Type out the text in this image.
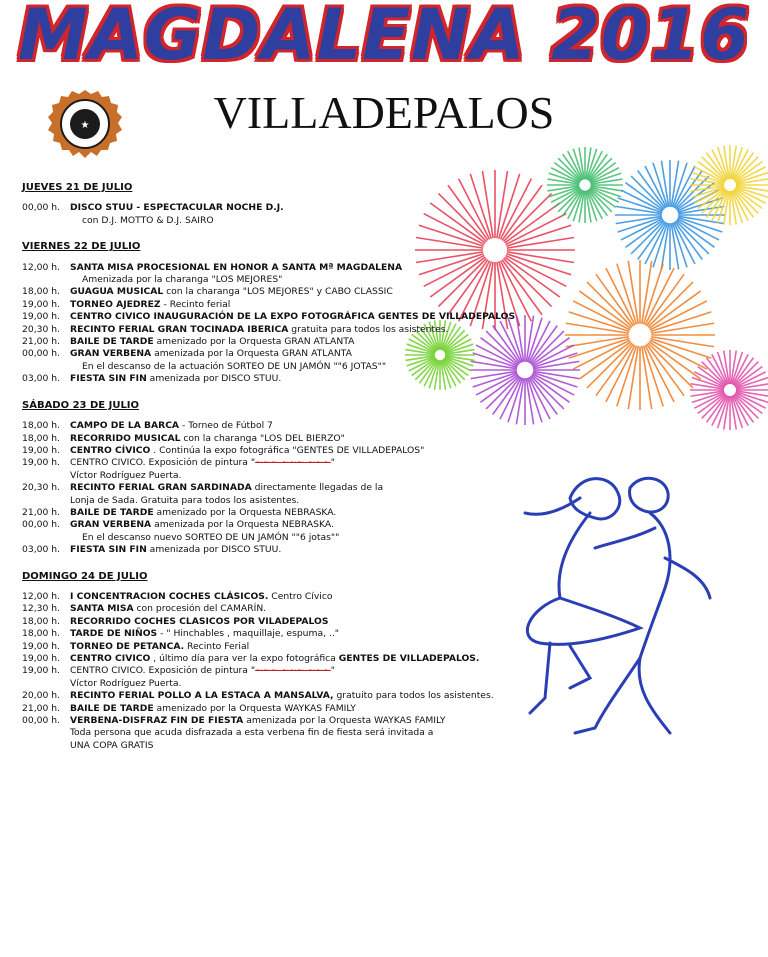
MAGDALENA 2016
VILLADEPALOS
★
JUEVES 21 DE JULIO
00,00 h.	DISCO STUU - ESPECTACULAR NOCHE D.J.
con D.J. MOTTO & D.J. SAIRO
VIERNES 22 DE JULIO
12,00 h.	SANTA MISA PROCESIONAL EN HONOR A SANTA Mª MAGDALENA
Amenizada por la charanga "LOS MEJORES"
18,00 h.	GUAGUA MUSICAL con la charanga "LOS MEJORES" y CABO CLASSIC
19,00 h.	TORNEO AJEDREZ - Recinto ferial
19,00 h.	CENTRO CIVICO INAUGURACIÓN DE LA EXPO FOTOGRÁFICA GENTES DE VILLADEPALOS
20,30 h.	RECINTO FERIAL GRAN TOCINADA IBERICA gratuita para todos los asistentes.
21,00 h.	BAILE DE TARDE amenizado por la Orquesta GRAN ATLANTA
00,00 h.	GRAN VERBENA amenizada por la Orquesta GRAN ATLANTA
En el descanso de la actuación SORTEO DE UN JAMÓN ""6 JOTAS""
03,00 h.	FIESTA SIN FIN amenizada por DISCO STUU.
SÁBADO 23 DE JULIO
18,00 h.	CAMPO DE LA BARCA - Torneo de Fútbol 7
18,00 h.	RECORRIDO MUSICAL con la charanga "LOS DEL BIERZO"
19,00 h.	CENTRO CÍVICO . Continúa la expo fotográfica "GENTES DE VILLADEPALOS"
19,00 h.	CENTRO CIVICO. Exposición de pintura "~~~ ~~~ ~~~"
Víctor Rodríguez Puerta.
20,30 h.	RECINTO FERIAL GRAN SARDINADA directamente llegadas de la
Lonja de Sada. Gratuita para todos los asistentes.
21,00 h.	BAILE DE TARDE amenizado por la Orquesta NEBRASKA.
00,00 h.	GRAN VERBENA amenizada por la Orquesta NEBRASKA.
En el descanso nuevo SORTEO DE UN JAMÓN ""6 jotas""
03,00 h.	FIESTA SIN FIN amenizada por DISCO STUU.
DOMINGO 24 DE JULIO
12,00 h.	I CONCENTRACION COCHES CLÁSICOS. Centro Cívico
12,30 h.	SANTA MISA con procesión del CAMARÍN.
18,00 h.	RECORRIDO COCHES CLASICOS POR VILADEPALOS
18,00 h.	TARDE DE NIÑOS - " Hinchables , maquillaje, espuma, .."
19,00 h.	TORNEO DE PETANCA. Recinto Ferial
19,00 h.	CENTRO CIVICO , último día para ver la expo fotográfica GENTES DE VILLADEPALOS.
19,00 h.	CENTRO CIVICO. Exposición de pintura "~~~ ~~~ ~~~"
Víctor Rodríguez Puerta.
20,00 h.	RECINTO FERIAL POLLO A LA ESTACA A MANSALVA, gratuito para todos los asistentes.
21,00 h.	BAILE DE TARDE amenizado por la Orquesta WAYKAS FAMILY
00,00 h.	VERBENA-DISFRAZ FIN DE FIESTA amenizada por la Orquesta WAYKAS FAMILY
Toda persona que acuda disfrazada a esta verbena fin de fiesta será invitada a
UNA COPA GRATIS
